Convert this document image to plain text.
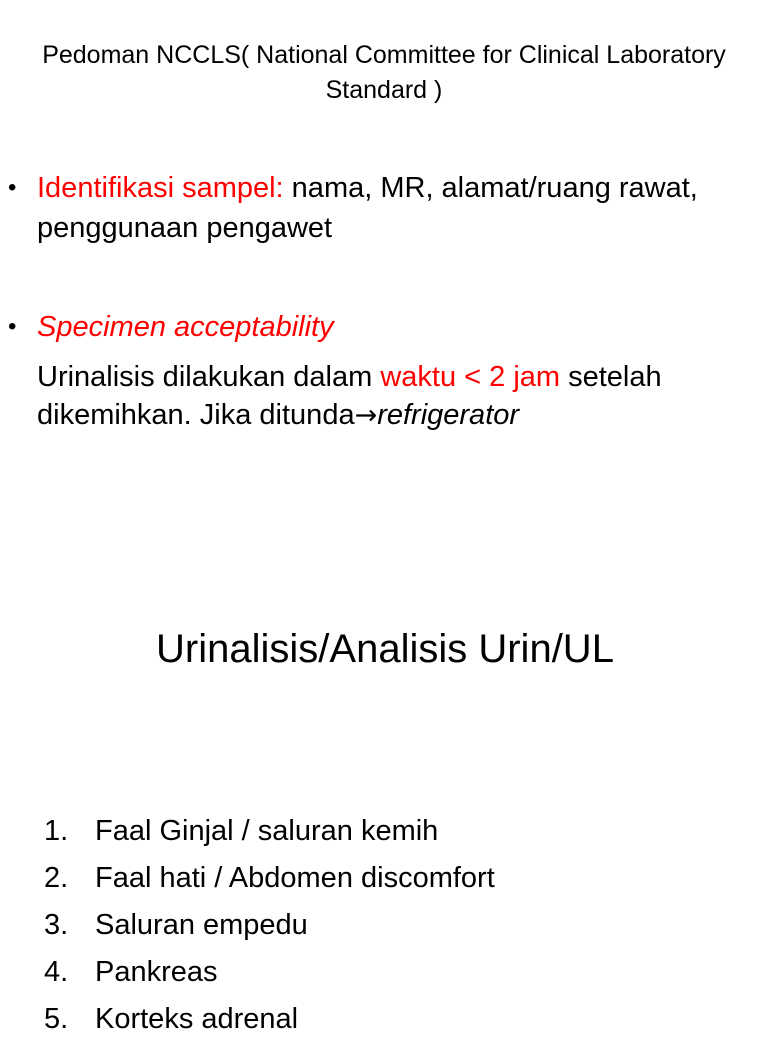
Pedoman NCCLS( National Committee for Clinical Laboratory Standard )
• Identifikasi sampel: nama, MR, alamat/ruang rawat, penggunaan pengawet
• Specimen acceptability
Urinalisis dilakukan dalam waktu < 2 jam setelah dikemihkan. Jika ditunda→refrigerator
Urinalisis/Analisis Urin/UL
1. Faal Ginjal / saluran kemih
2. Faal hati / Abdomen discomfort
3. Saluran empedu
4. Pankreas
5. Korteks adrenal
